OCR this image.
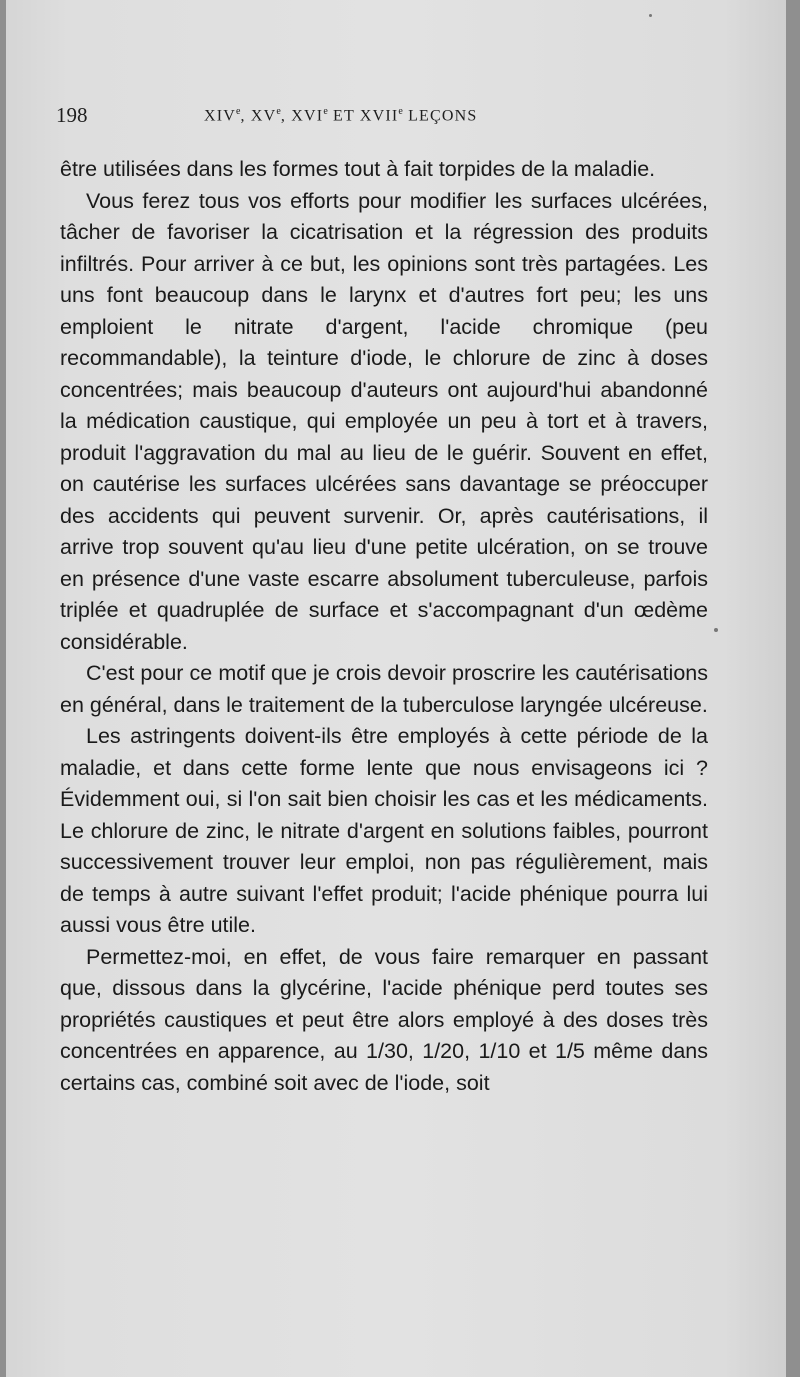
198	XIVe, XVe, XVIe ET XVIIe LEÇONS

être utilisées dans les formes tout à fait torpides de la maladie.

Vous ferez tous vos efforts pour modifier les surfaces ulcérées, tâcher de favoriser la cicatrisation et la régression des produits infiltrés. Pour arriver à ce but, les opinions sont très partagées. Les uns font beaucoup dans le larynx et d'autres fort peu; les uns emploient le nitrate d'argent, l'acide chromique (peu recommandable), la teinture d'iode, le chlorure de zinc à doses concentrées; mais beaucoup d'auteurs ont aujourd'hui abandonné la médication caustique, qui employée un peu à tort et à travers, produit l'aggravation du mal au lieu de le guérir. Souvent en effet, on cautérise les surfaces ulcérées sans davantage se préoccuper des accidents qui peuvent survenir. Or, après cautérisations, il arrive trop souvent qu'au lieu d'une petite ulcération, on se trouve en présence d'une vaste escarre absolument tuberculeuse, parfois triplée et quadruplée de surface et s'accompagnant d'un œdème considérable.

C'est pour ce motif que je crois devoir proscrire les cautérisations en général, dans le traitement de la tuberculose laryngée ulcéreuse.

Les astringents doivent-ils être employés à cette période de la maladie, et dans cette forme lente que nous envisageons ici ? Évidemment oui, si l'on sait bien choisir les cas et les médicaments. Le chlorure de zinc, le nitrate d'argent en solutions faibles, pourront successivement trouver leur emploi, non pas régulièrement, mais de temps à autre suivant l'effet produit; l'acide phénique pourra lui aussi vous être utile.

Permettez-moi, en effet, de vous faire remarquer en passant que, dissous dans la glycérine, l'acide phénique perd toutes ses propriétés caustiques et peut être alors employé à des doses très concentrées en apparence, au 1/30, 1/20, 1/10 et 1/5 même dans certains cas, combiné soit avec de l'iode, soit
